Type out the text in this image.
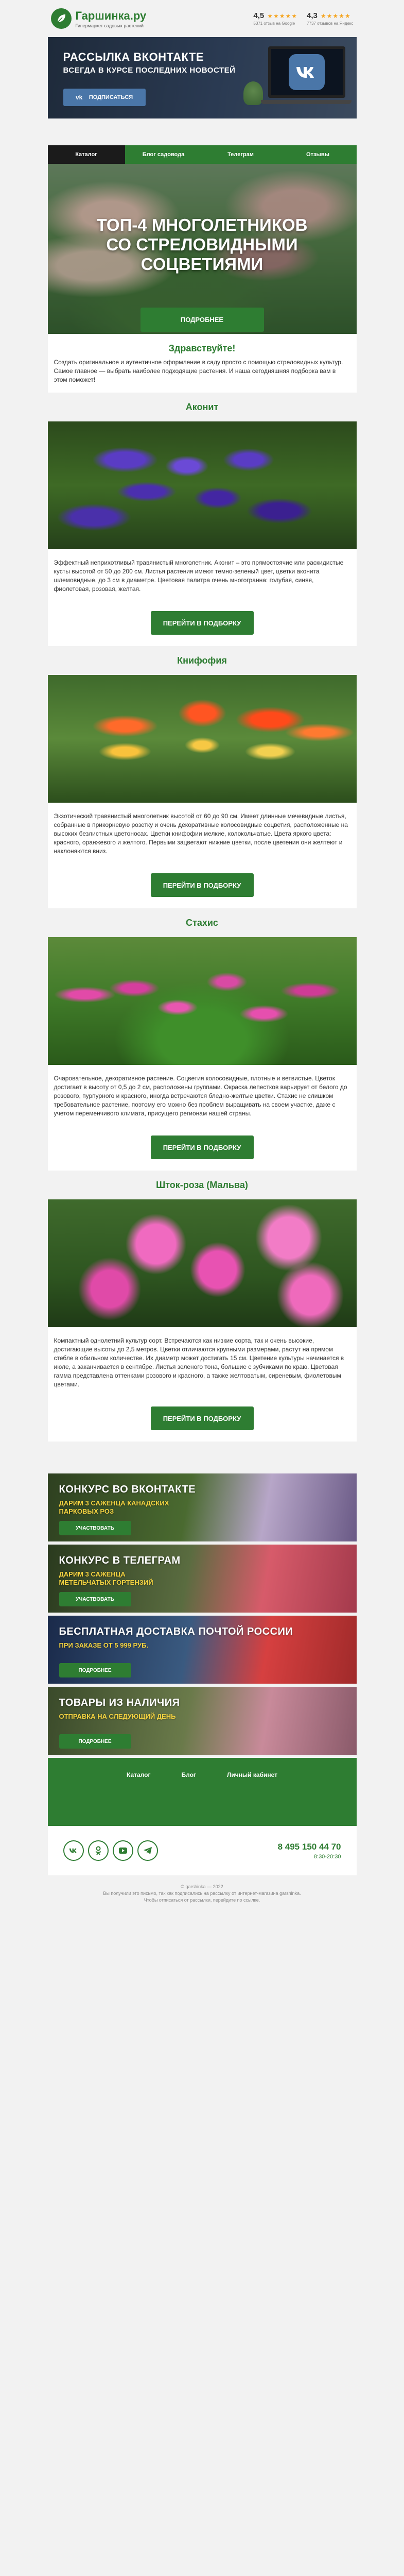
Гаршинка.ру
Гипермаркет садовых растений
4,5 ★★★★★
5371 отзыв на Google
4,3 ★★★★★
7737 отзывов на Яндекс
РАССЫЛКА ВКОНТАКТЕ
ВСЕГДА В КУРСЕ ПОСЛЕДНИХ НОВОСТЕЙ
vk ПОДПИСАТЬСЯ
Каталог	Блог садовода	Телеграм	Отзывы
ТОП-4 МНОГОЛЕТНИКОВ СО СТРЕЛОВИДНЫМИ СОЦВЕТИЯМИ
ПОДРОБНЕЕ
Здравствуйте!
Создать оригинальное и аутентичное оформление в саду просто с помощью стреловидных культур. Самое главное — выбрать наиболее подходящие растения. И наша сегодняшняя подборка вам в этом поможет!
Аконит
Эффектный неприхотливый травянистый многолетник. Аконит – это прямостоячие или раскидистые кусты высотой от 50 до 200 см. Листья растения имеют темно-зеленый цвет, цветки аконита шлемовидные, до 3 см в диаметре. Цветовая палитра очень многогранна: голубая, синяя, фиолетовая, розовая, желтая.
ПЕРЕЙТИ В ПОДБОРКУ
Книфофия
Экзотический травянистый многолетник высотой от 60 до 90 см. Имеет длинные мечевидные листья, собранные в прикорневую розетку и очень декоративные колосовидные соцветия, расположенные на высоких безлистных цветоносах. Цветки книфофии мелкие, колокольчатые. Цвета яркого цвета: красного, оранжевого и желтого. Первыми зацветают нижние цветки, после цветения они желтеют и наклоняются вниз.
ПЕРЕЙТИ В ПОДБОРКУ
Стахис
Очаровательное, декоративное растение. Соцветия колосовидные, плотные и ветвистые. Цветок достигает в высоту от 0,5 до 2 см, расположены группами. Окраска лепестков варьирует от белого до розового, пурпурного и красного, иногда встречаются бледно-желтые цветки. Стахис не слишком требовательное растение, поэтому его можно без проблем выращивать на своем участке, даже с учетом переменчивого климата, присущего регионам нашей страны.
ПЕРЕЙТИ В ПОДБОРКУ
Шток-роза (Мальва)
Компактный однолетний культур сорт. Встречаются как низкие сорта, так и очень высокие, достигающие высоты до 2,5 метров. Цветки отличаются крупными размерами, растут на прямом стебле в обильном количестве. Их диаметр может достигать 15 см. Цветение культуры начинается в июле, а заканчивается в сентябре. Листья зеленого тона, большие с зубчиками по краю. Цветовая гамма представлена оттенками розового и красного, а также желтоватым, сиреневым, фиолетовым цветами.
ПЕРЕЙТИ В ПОДБОРКУ
КОНКУРС ВО ВКОНТАКТЕ
ДАРИМ 3 САЖЕНЦА КАНАДСКИХ ПАРКОВЫХ РОЗ
УЧАСТВОВАТЬ
КОНКУРС В ТЕЛЕГРАМ
ДАРИМ 3 САЖЕНЦА МЕТЕЛЬЧАТЫХ ГОРТЕНЗИЙ
УЧАСТВОВАТЬ
БЕСПЛАТНАЯ ДОСТАВКА ПОЧТОЙ РОССИИ
ПРИ ЗАКАЗЕ ОТ 5 999 РУБ.
ПОДРОБНЕЕ
ТОВАРЫ ИЗ НАЛИЧИЯ
ОТПРАВКА НА СЛЕДУЮЩИЙ ДЕНЬ
ПОДРОБНЕЕ
Каталог	Блог	Личный кабинет
8 495 150 44 70
8:30-20:30
© garshinka — 2022
Вы получили это письмо, так как подписались на рассылку от интернет-магазина garshinka.
Чтобы отписаться от рассылки, перейдите по ссылке.
